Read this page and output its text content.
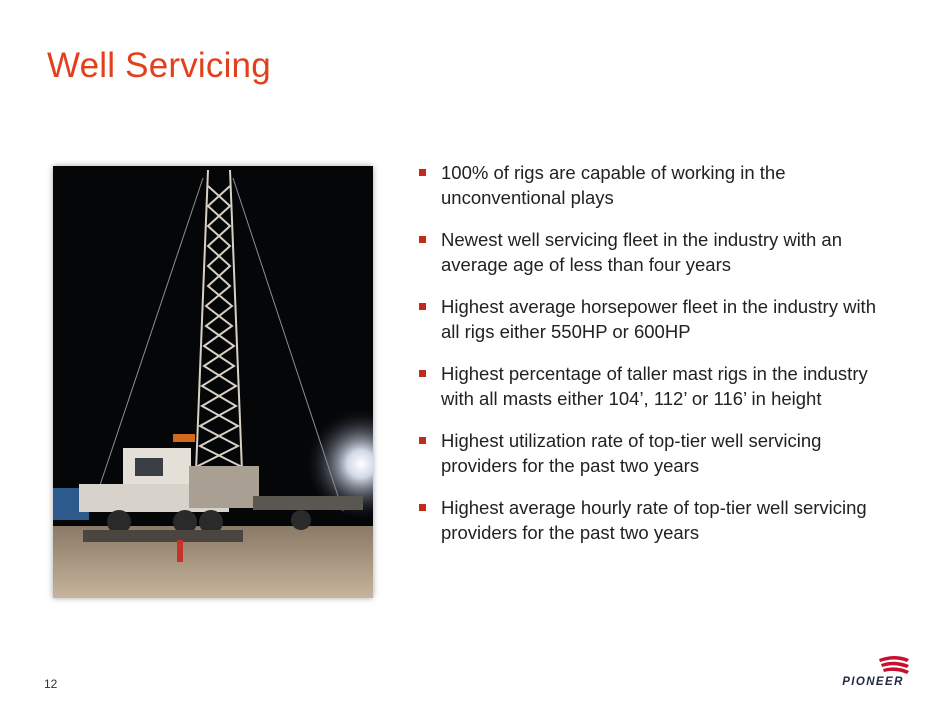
Well Servicing
100% of rigs are capable of working in the unconventional plays
Newest well servicing fleet in the industry with an average age of less than four years
Highest average horsepower fleet in the industry with all rigs either 550HP or 600HP
Highest percentage of taller mast rigs in the industry with all masts either 104’, 112’ or 116’ in height
Highest utilization rate of top-tier well servicing providers for the past two years
Highest average hourly rate of top-tier well servicing providers for the past two years
12	PIONEER
